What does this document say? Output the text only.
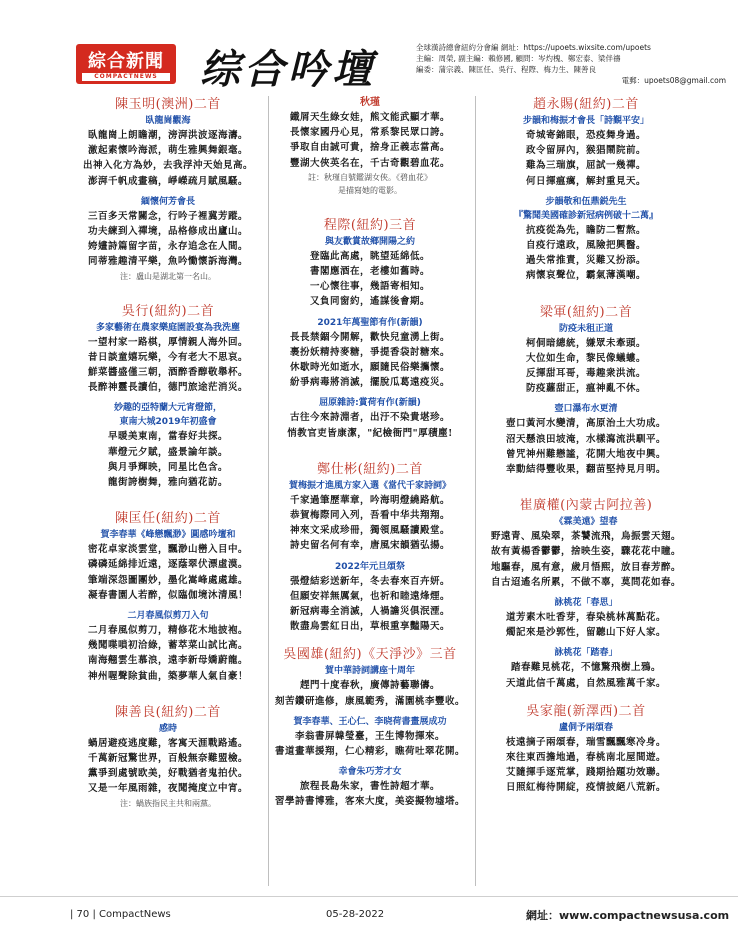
綜合新聞
COMPACTNEWS	综合吟壇	全球漢詩總會紐約分會編 網址：https://upoets.wixsite.com/upoets
主編：周榮, 副主編：賴修國, 顧問：岑灼槐、鄭宏泰、梁伴禱
編委：蒲宗義、陳匡任、吳行、程際、梅力生、陳善良
電郵：upoets08@gmail.com
陳玉明(澳洲)二首
臥龍崗觀海
臥龍崗上朗瞻潮，滂湃洪波逐海濤。
激起素懷吟海派，萌生雅興舞銀毫。
出神入化方為妙，去我浮沖天始見高。
澎湃千帆成畫稿，崢嶸疏月賦風騷。
緬懷何芳會長
三百多天常關念，行吟子裡冀芳蹤。
功夫練到入禪境，品格修成出廬山。
姱嫿詩篇留字苗，永存追念在人間。
同蒂雅趣清平樂，魚吟慟懷訴海灣。
注：盧山是湖北第一名山。
吳行(紐約)二首
多家藝術在農家樂庭園設宴為我洗塵
一望村家一路棋，厚情親人海外回。
昔日談童嬉玩樂，今有老大不思哀。
鮮菜醬盛僅三朝，酒醉香醇敬舉杯。
長醉神靈長讀伯，德門旅途茫消災。
妙趣的亞特蘭大元宵燈節，
東南大城2019年初盛會
早暖美東南，當春好共探。
華燈元夕賦，盛景論年談。
與月爭輝映，同星比色含。
龍街誇樹舞，雅向猶花訪。
陳匡任(紐約)二首
賀李春華《峰戀飄渺》圓感吟壇和
密花卓家淡雲堂，飄渺山巒入目中。
磷磷延綿排近遠，逐蔭翠伏漂虛漠。
筆端深怨圖團妙，墨化嵩峰處處雄。
凝春書園人若醉，似臨伽境沐清風！
二月春風似剪刀入句
二月春風似剪刀，精修花木地披袍。
幾聞喋嗩初洽綠，蓄萃菜山試比高。
南海翹雲生慕浪，遠李新母嬌蔚龍。
神州喔聲除貧曲，築夢華人氣自豪！
陳善良(紐約)二首
感時
蝸居避疫逃度難，客寓天涯戰路遙。
千萬新冠驚世界，百般無奈難盟檢。
黨爭到處號欧美，好戰猶者鬼拍伏。
又是一年風雨雜，夜聞掩度立中宵。
注：蝸族指民主共和兩黨。
秋瑾
鐵屑天生綠女娃，熊文能武顯才華。
長懷家國丹心見，常系黎民眾口誇。
爭取自由誠可貴，捨身正義志當高。
豐湖大俠英名在，千古奇觀碧血花。
註：秋瑾自號鑑湖女俠。《碧血花》
是描寫她的電影。
程際(紐約)三首
與友歡賞故鄉開陽之約
登臨此高處，眺望延綿低。
書閣應酒在，老樓如舊時。
一心懷往事，幾語寄相知。
又負同窗約，遙謀後會期。
2021年萬聖節有作(新韻)
長長禁錮今開解，歡快兒童湧上街。
裹扮妖精持麥糖，爭提香袋討糖來。
休歇時光如逝水，願隨民俗樂攜懷。
紛爭病毒將消滅，擺脫瓜葛遠疫災。
屈原雜詩:賞荷有作(新韻)
古往今來詩淵者，出汙不染貴堪珍。
悄教官吏皆康潔，"紀檢衙門"厚積塵!
鄭仕彬(紐約)二首
賀梅振才進風方家入選《當代千家詩詞》
千家過筆歷華章，吟海明燈繞路航。
恭賀梅際同入列，吾看中华共翔翔。
神來文采成珍冊，獨領風騷讀殿堂。
詩史留名何有幸，唐風宋韻猶弘揚。
2022年元旦頌祭
張燈結彩送新年，冬去春來百卉妍。
但願安祥無厲氣，也祈和睦遠烽煙。
新冠病毒全消滅，人禍譫災俱泯湮。
散盡烏雲紅日出，草根重享豔陽天。
吳國雄(紐約)《天淨沙》三首
賀中華詩詞講座十周年
趕門十度春秋，廣傳詩藝聯儔。
刻苦鑽研進修，康風範秀，滿園桃李豐收。
賀李春華、王心仁、李晓荷書畫展成功
李翁書屏韓瑩臺，王生博物揮來。
書道畫華援翔，仁心精彩，瞧荷吐翠花開。
幸會朱巧芳才女
旅程長島朱家，書性詩超才華。
習學詩書博雅，客來大度，美姿擬物墟塔。
趙永賜(紐約)二首
步韻和梅振才會長「詩覲平安」
奇城寄錦眼，恐疫舞身過。
政令留屏內，猴猖鬧院前。
雞為三瑞旗，屈試一幾禪。
何日揮瘟癘，解封重見天。
步韻敬和伍鼎鋭先生
『驚聞美國確診新冠病例破十二萬』
抗疫從為先，瞻防二暫熬。
自疫行遠政，風險把興醫。
過失常推責，災難又扮添。
病懷哀聲位，霸氣薄漢嘲。
梁軍(紐約)二首
防疫未租正道
柯侗暗總統，嫌眾未牽頭。
大位如生命，黎民像蟻螻。
反揮甜耳哥，毒趣衆洪流。
防疫蘿甜正，瘟神亂不休。
壺口瀑布水更清
壺口黃河水變清，高原治土大功成。
沼天懸浪田坡淹，水樣瀉流洪馴平。
曾咒神州難戀謐，花開大地夜中興。
幸動結得豐收果，翻苗堅持見月明。
崔廣權(內蒙古阿拉善)
《霖美遠》望春
野遠青、風染翠，茶饕流飛，烏振雲天翅。
故有黃楊香鬱鬱，捨映生姿，驟花花中瞳。
地驅春，風有意，歲月悟熙，放目春芳醉。
自古迢遙名所累，不做不辜，莫問花如春。
詠桃花「春思」
道芳素木吐香芽，春染桃林萬點花。
燭記來是沙郭性，留聽山下好人家。
詠桃花「踏春」
踏春難見桃花，不憶驚飛樹上鴉。
天道此信千萬處，自然風雅萬千家。
吳家龍(新澤西)二首
盧侗予兩頌春
枝遠摘子兩頌春，瑞雪飄飄寒冷身。
來往東西擔地過，春桃南北屋間遊。
艾隨揮手逐荒掌，踐期拾題功效聯。
日照紅梅待開綻，疫情披絕八荒新。
| 70 | CompactNews	05-28-2022	網址：www.compactnewsusa.com
